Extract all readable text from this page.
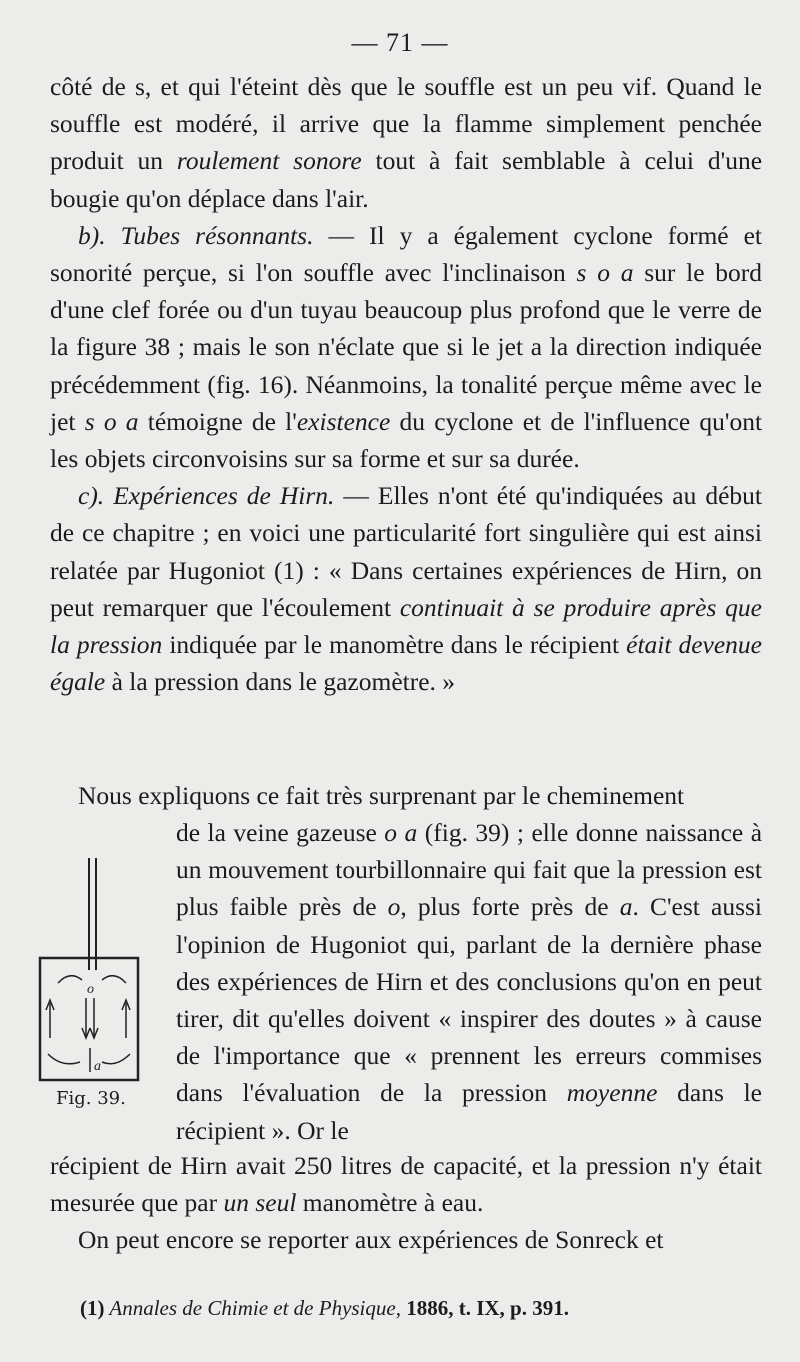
— 71 —

côté de s, et qui l'éteint dès que le souffle est un peu vif. Quand le souffle est modéré, il arrive que la flamme simplement penchée produit un roulement sonore tout à fait semblable à celui d'une bougie qu'on déplace dans l'air.

b). Tubes résonnants. — Il y a également cyclone formé et sonorité perçue, si l'on souffle avec l'inclinaison s o a sur le bord d'une clef forée ou d'un tuyau beaucoup plus profond que le verre de la figure 38 ; mais le son n'éclate que si le jet a la direction indiquée précédemment (fig. 16). Néanmoins, la tonalité perçue même avec le jet s o a témoigne de l'existence du cyclone et de l'influence qu'ont les objets circonvoisins sur sa forme et sur sa durée.

c). Expériences de Hirn. — Elles n'ont été qu'indiquées au début de ce chapitre ; en voici une particularité fort singulière qui est ainsi relatée par Hugoniot (1) : « Dans certaines expériences de Hirn, on peut remarquer que l'écoulement continuait à se produire après que la pression indiquée par le manomètre dans le récipient était devenue égale à la pression dans le gazomètre. »

Nous expliquons ce fait très surprenant par le cheminement

de la veine gazeuse o a (fig. 39) ; elle donne naissance à un mouvement tourbillonnaire qui fait que la pression est plus faible près de o, plus forte près de a. C'est aussi l'opinion de Hugoniot qui, parlant de la dernière phase des expériences de Hirn et des conclusions qu'on en peut tirer, dit qu'elles doivent « inspirer des doutes » à cause de l'importance que « prennent les erreurs commises dans l'évaluation de la pression moyenne dans le récipient ». Or le

o
a
Fig. 39.

récipient de Hirn avait 250 litres de capacité, et la pression n'y était mesurée que par un seul manomètre à eau.

On peut encore se reporter aux expériences de Sonreck et

(1) Annales de Chimie et de Physique, 1886, t. IX, p. 391.
